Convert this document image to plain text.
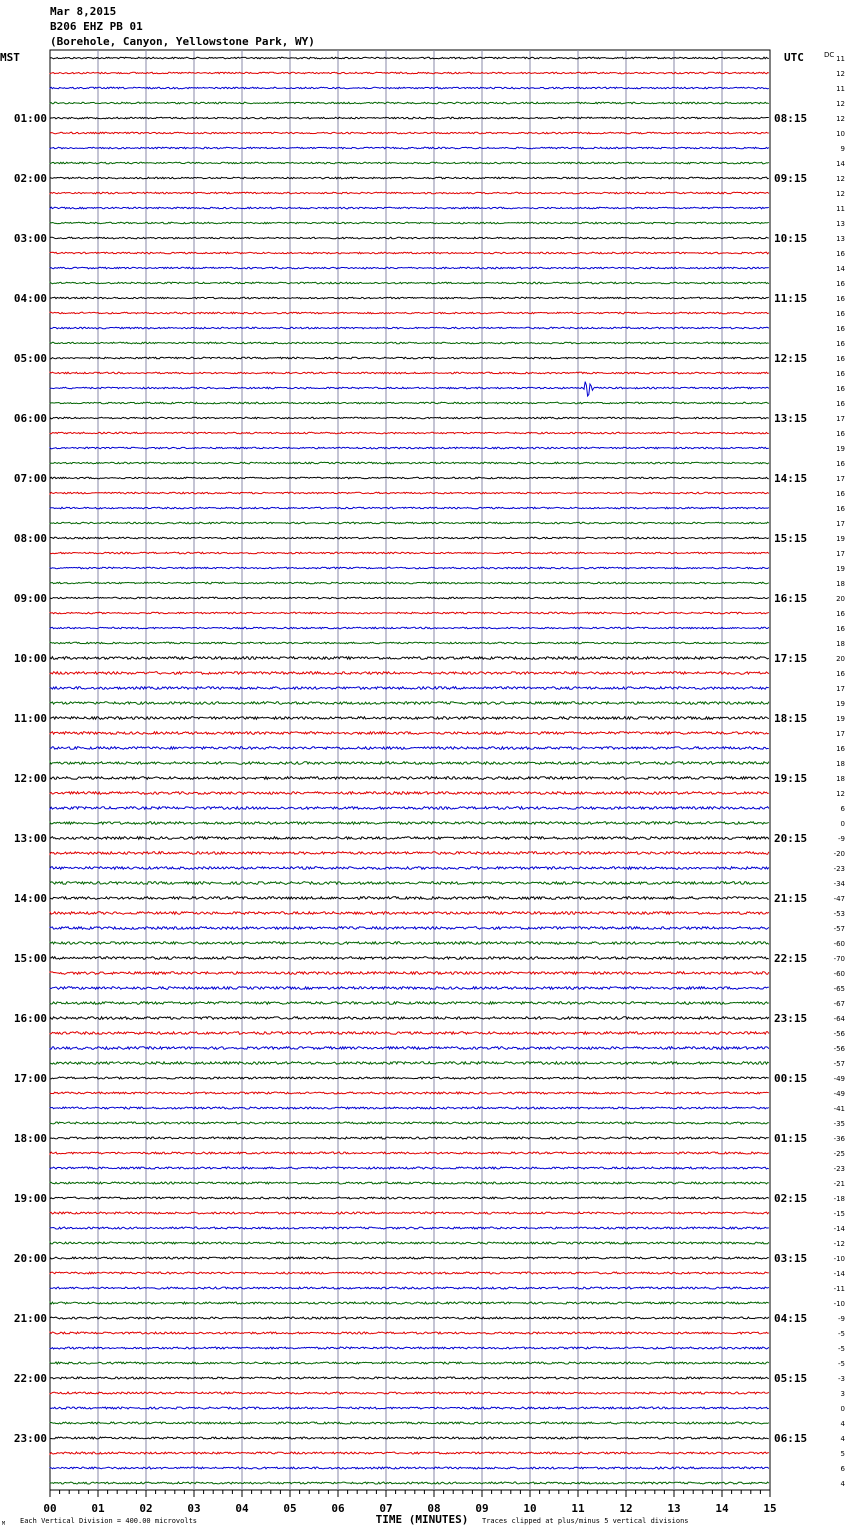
Mar 8,2015
B206 EHZ PB 01
(Borehole, Canyon, Yellowstone Park, WY)
MST	UTC	DC
01:00
02:00
03:00
04:00
05:00
06:00
07:00
08:00
09:00
10:00
11:00
12:00
13:00
14:00
15:00
16:00
17:00
18:00
19:00
20:00
21:00
22:00
23:00
08:15
09:15
10:15
11:15
12:15
13:15
14:15
15:15
16:15
17:15
18:15
19:15
20:15
21:15
22:15
23:15
00:15
01:15
02:15
03:15
04:15
05:15
06:15
11
12
11
12
12
10
9
14
12
12
11
13
13
16
14
16
16
16
16
16
16
16
16
16
17
16
19
16
17
16
16
17
19
17
19
18
20
16
16
18
20
16
17
19
19
17
16
18
18
12
6
0
-9
-20
-23
-34
-47
-53
-57
-60
-70
-60
-65
-67
-64
-56
-56
-57
-49
-49
-41
-35
-36
-25
-23
-21
-18
-15
-14
-12
-10
-14
-11
-10
-9
-5
-5
-5
-3
3
0
4
4
5
6
4
00	01	02	03	04	05	06	07	08	09	10	11	12	13	14	15
TIME (MINUTES)
Each Vertical Division = 400.00 microvolts	Traces clipped at plus/minus 5 vertical divisions
M
